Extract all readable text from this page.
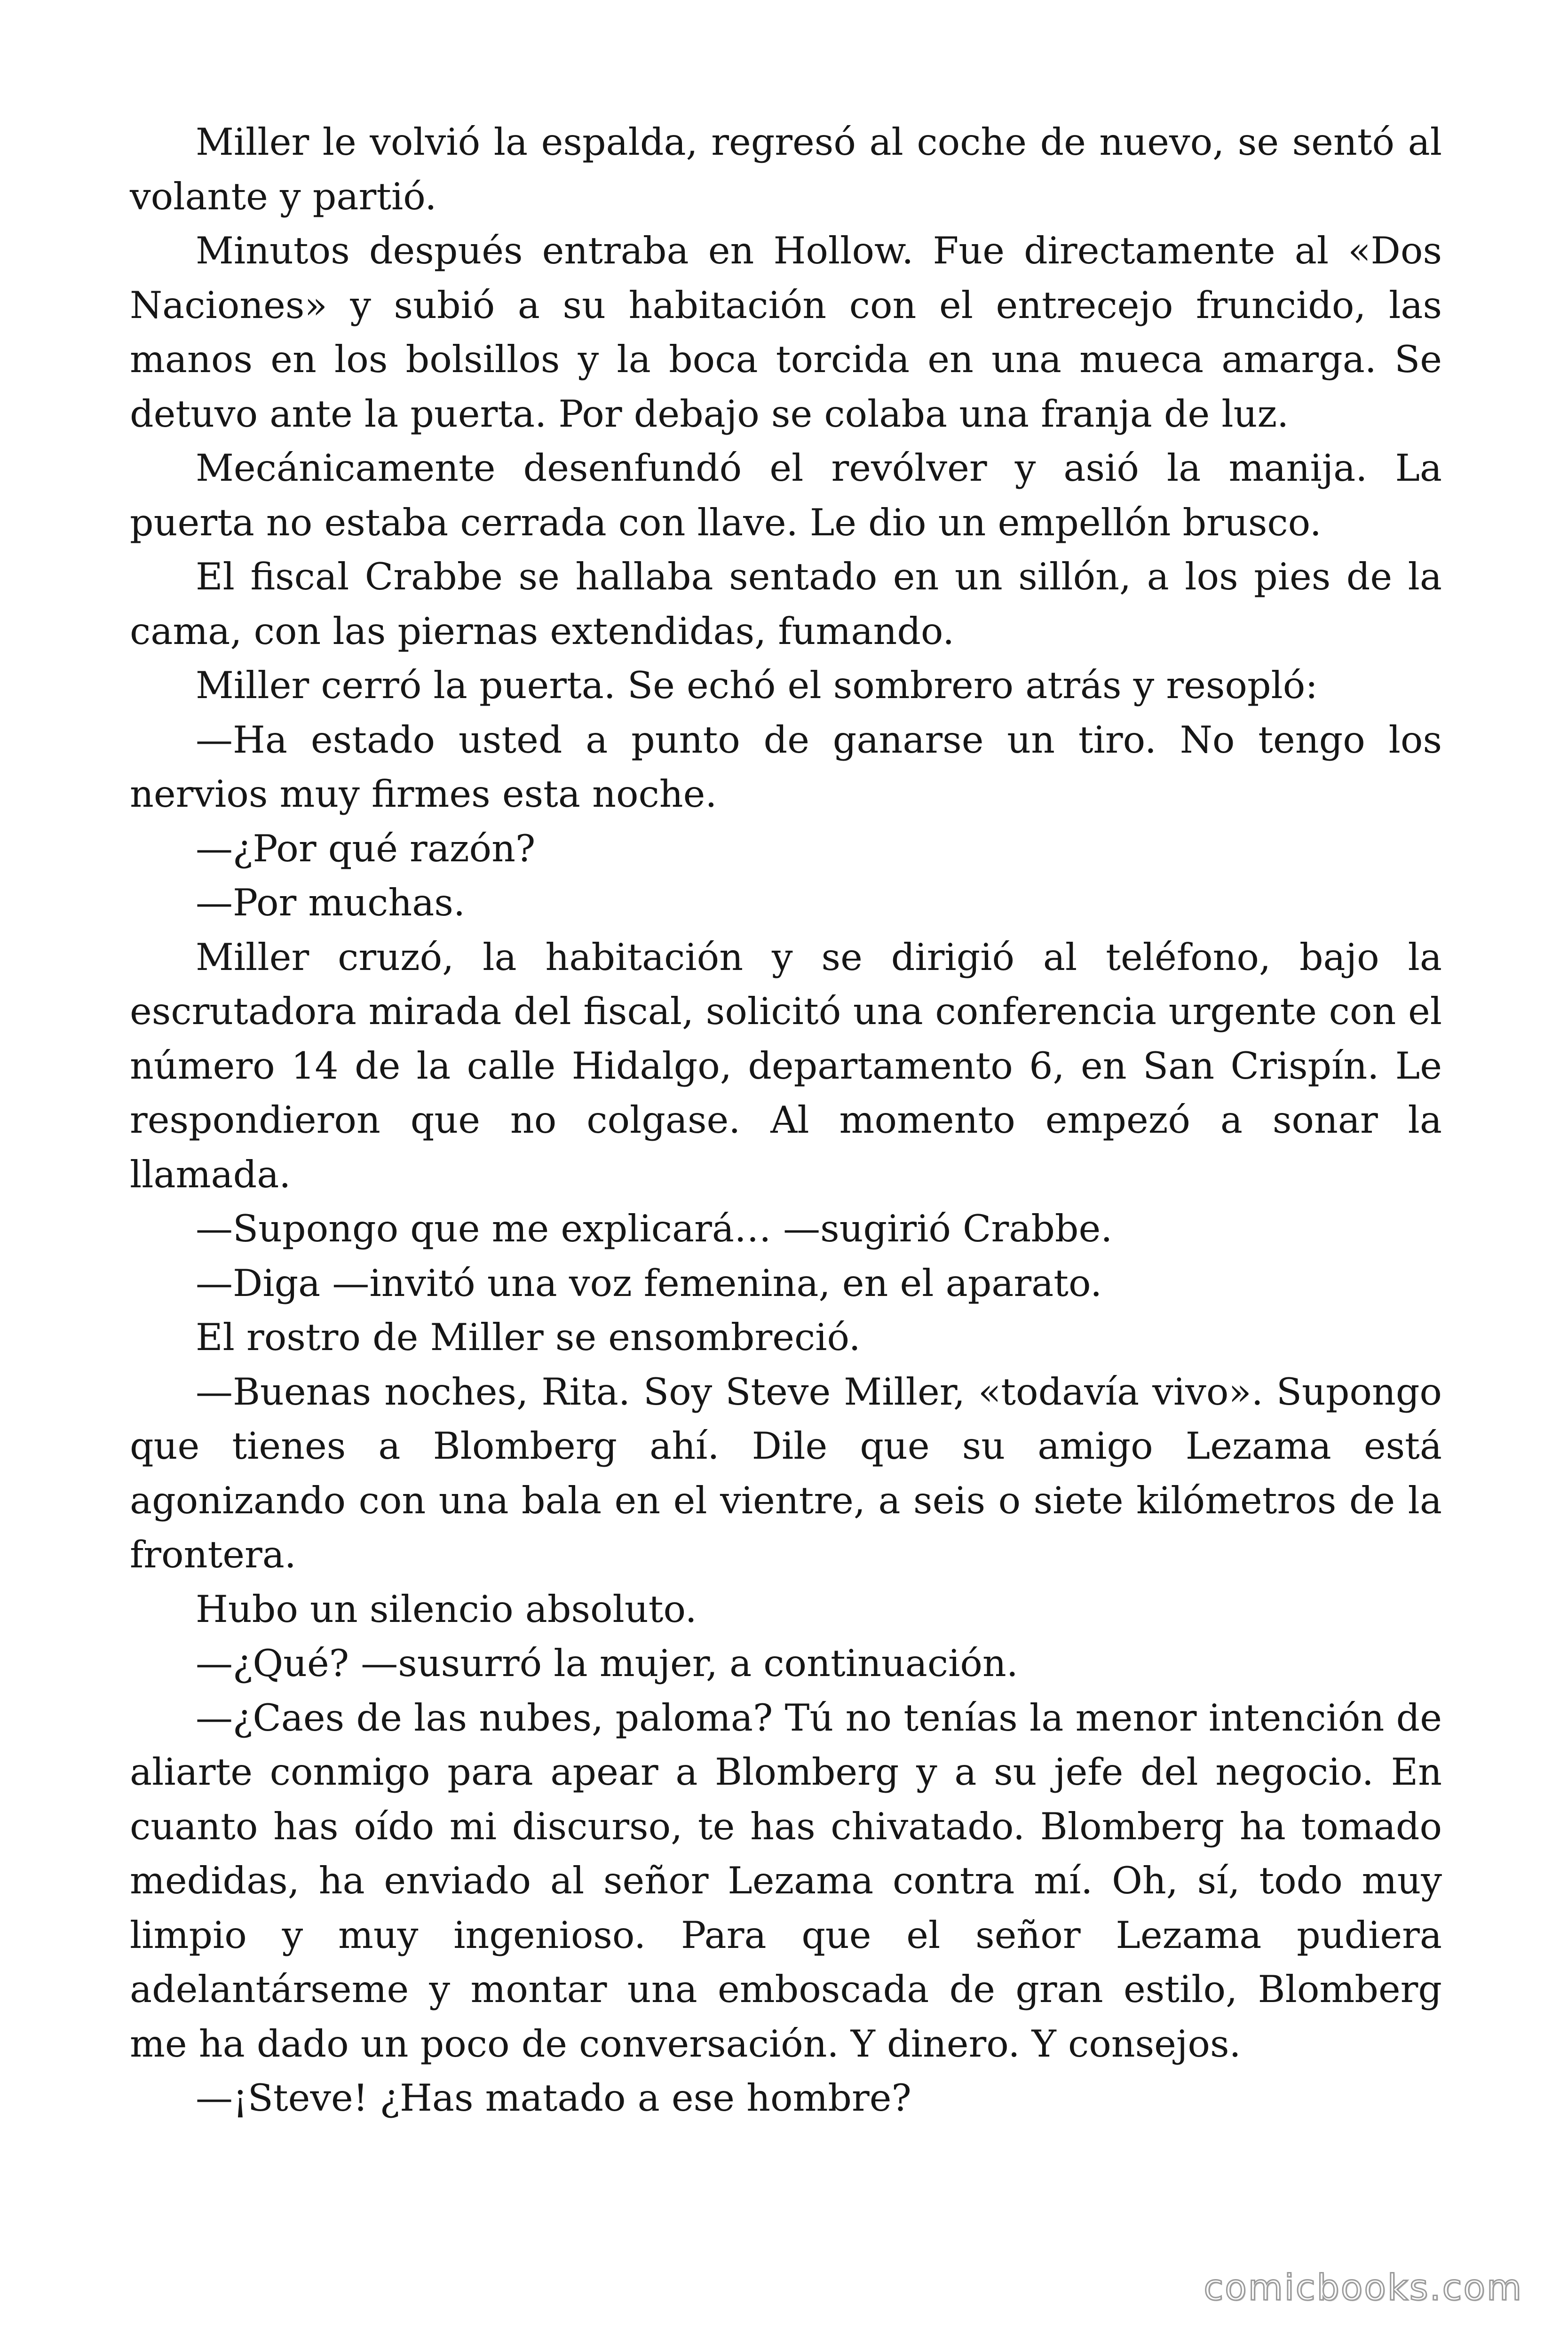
Miller le volvió la espalda, regresó al coche de nuevo, se sentó al volante y partió.

Minutos después entraba en Hollow. Fue directamente al «Dos Naciones» y subió a su habitación con el entrecejo fruncido, las manos en los bolsillos y la boca torcida en una mueca amarga. Se detuvo ante la puerta. Por debajo se colaba una franja de luz.

Mecánicamente desenfundó el revólver y asió la manija. La puerta no estaba cerrada con llave. Le dio un empellón brusco.

El fiscal Crabbe se hallaba sentado en un sillón, a los pies de la cama, con las piernas extendidas, fumando.

Miller cerró la puerta. Se echó el sombrero atrás y resopló:

—Ha estado usted a punto de ganarse un tiro. No tengo los nervios muy firmes esta noche.

—¿Por qué razón?

—Por muchas.

Miller cruzó, la habitación y se dirigió al teléfono, bajo la escrutadora mirada del fiscal, solicitó una conferencia urgente con el número 14 de la calle Hidalgo, departamento 6, en San Crispín. Le respondieron que no colgase. Al momento empezó a sonar la llamada.

—Supongo que me explicará… —sugirió Crabbe.

—Diga —invitó una voz femenina, en el aparato.

El rostro de Miller se ensombreció.

—Buenas noches, Rita. Soy Steve Miller, «todavía vivo». Supongo que tienes a Blomberg ahí. Dile que su amigo Lezama está agonizando con una bala en el vientre, a seis o siete kilómetros de la frontera.

Hubo un silencio absoluto.

—¿Qué? —susurró la mujer, a continuación.

—¿Caes de las nubes, paloma? Tú no tenías la menor intención de aliarte conmigo para apear a Blomberg y a su jefe del negocio. En cuanto has oído mi discurso, te has chivatado. Blomberg ha tomado medidas, ha enviado al señor Lezama contra mí. Oh, sí, todo muy limpio y muy ingenioso. Para que el señor Lezama pudiera adelantárseme y montar una emboscada de gran estilo, Blomberg me ha dado un poco de conversación. Y dinero. Y consejos.

—¡Steve! ¿Has matado a ese hombre?

comicbooks.com
